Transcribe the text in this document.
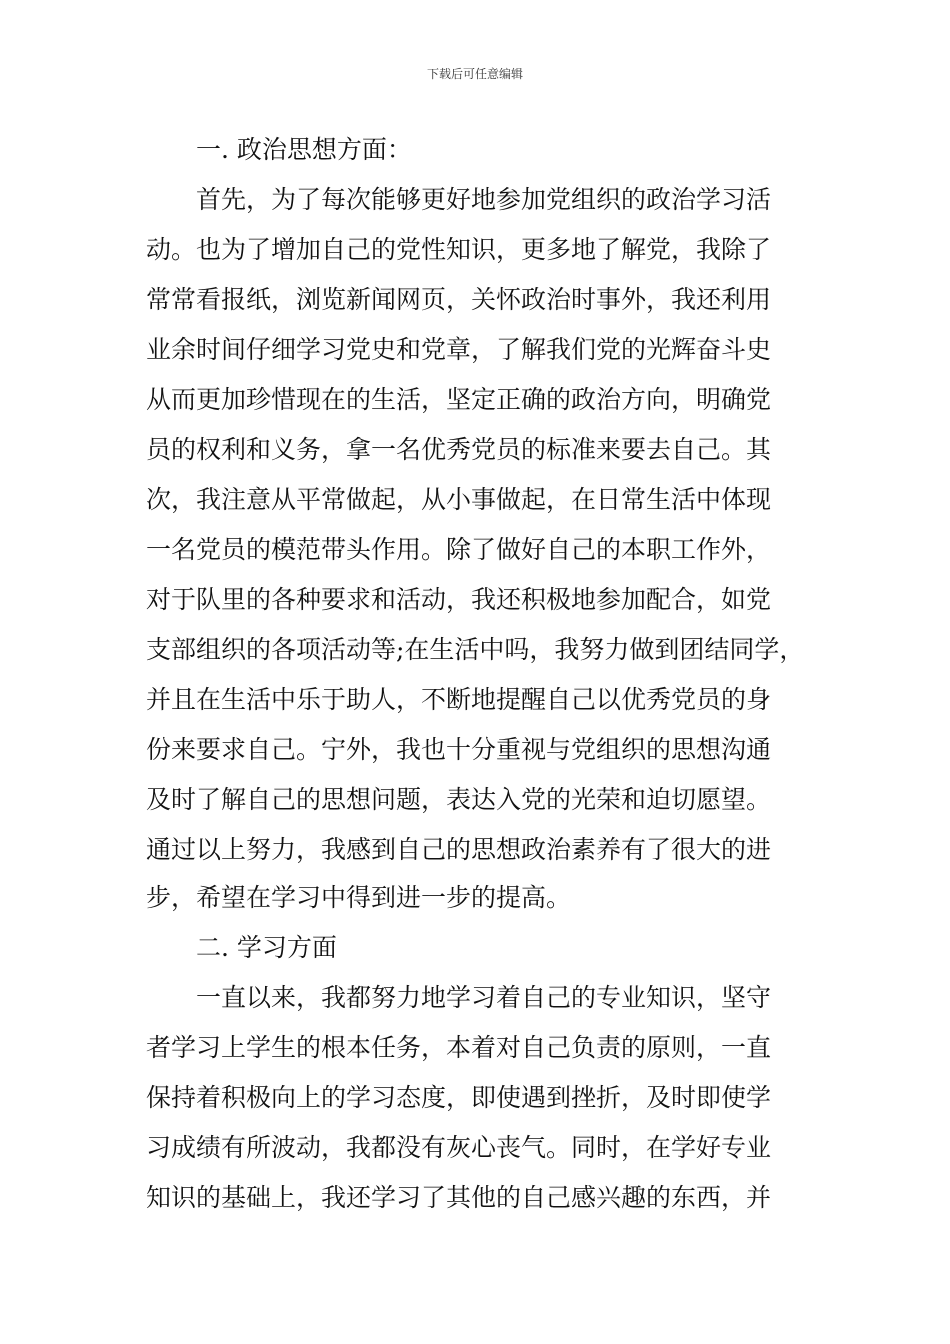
下载后可任意编辑
一. 政治思想方面：
首先，为了每次能够更好地参加党组织的政治学习活
动。也为了增加自己的党性知识，更多地了解党，我除了
常常看报纸，浏览新闻网页，关怀政治时事外，我还利用
业余时间仔细学习党史和党章，了解我们党的光辉奋斗史
从而更加珍惜现在的生活，坚定正确的政治方向，明确党
员的权利和义务，拿一名优秀党员的标准来要去自己。其
次，我注意从平常做起，从小事做起，在日常生活中体现
一名党员的模范带头作用。除了做好自己的本职工作外，
对于队里的各种要求和活动，我还积极地参加配合，如党
支部组织的各项活动等;在生活中吗，我努力做到团结同学，
并且在生活中乐于助人，不断地提醒自己以优秀党员的身
份来要求自己。宁外，我也十分重视与党组织的思想沟通
及时了解自己的思想问题，表达入党的光荣和迫切愿望。
通过以上努力，我感到自己的思想政治素养有了很大的进
步，希望在学习中得到进一步的提高。
二. 学习方面
一直以来，我都努力地学习着自己的专业知识，坚守
者学习上学生的根本任务，本着对自己负责的原则，一直
保持着积极向上的学习态度，即使遇到挫折，及时即使学
习成绩有所波动，我都没有灰心丧气。同时，在学好专业
知识的基础上，我还学习了其他的自己感兴趣的东西，并
